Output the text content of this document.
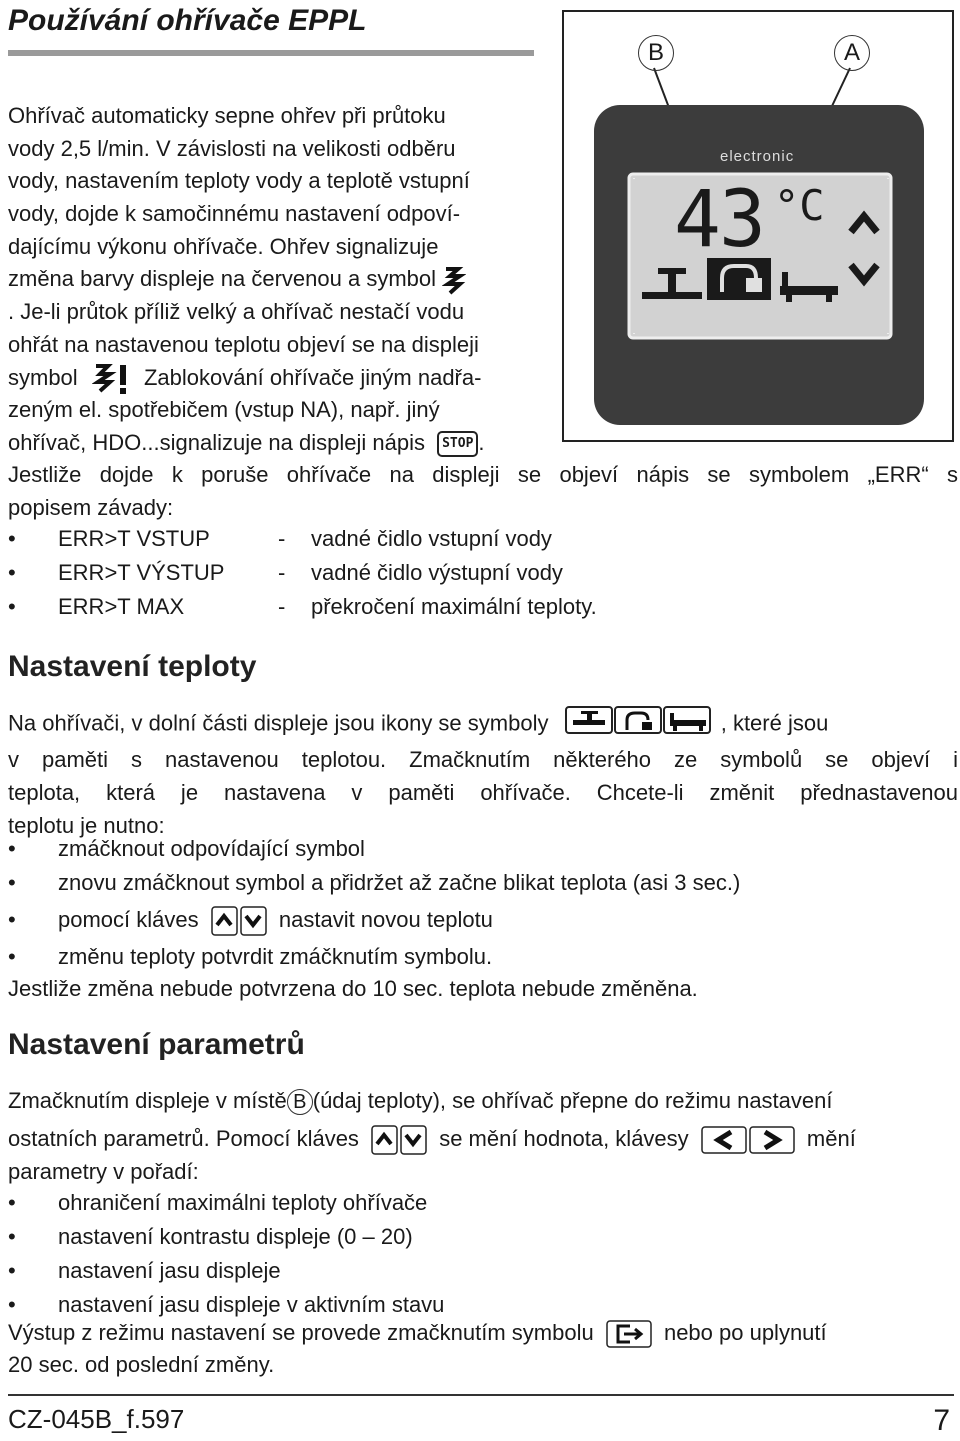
Používání ohřívače EPPL
B	A
electronic
43 °C
Ohřívač automaticky sepne ohřev při průtoku
vody 2,5 l/min. V závislosti na velikosti odběru
vody, nastavením teploty vody a teplotě vstupní
vody, dojde k samočinnému nastavení odpoví-
dajícímu výkonu ohřívače. Ohřev signalizuje
změna barvy displeje na červenou a symbol
. Je-li průtok příliž velký a ohřívač nestačí vodu
ohřát na nastavenou teplotu objeví se na displeji
symbol	Zablokování ohřívače jiným nadřa-
zeným el. spotřebičem (vstup NA), např. jiný
ohřívač, HDO...signalizuje na displeji nápis STOP .
Jestliže dojde k poruše ohřívače na displeji se objeví nápis se symbolem „ERR“ s
popisem závady:
• ERR>T VSTUP	- vadné čidlo vstupní vody
• ERR>T VÝSTUP - vadné čidlo výstupní vody
• ERR>T MAX	- překročení maximální teploty.
Nastavení teploty
Na ohřívači, v dolní části displeje jsou ikony se symboly	, které jsou
v paměti s nastavenou teplotou. Zmačknutím některého ze symbolů se objeví i
teplota, která je nastavena v paměti ohřívače. Chcete-li změnit přednastavenou
teplotu je nutno:
• zmáčknout odpovídající symbol
• znovu zmáčknout symbol a přidržet až začne blikat teplota (asi 3 sec.)
• pomocí kláves	nastavit novou teplotu
• změnu teploty potvrdit zmáčknutím symbolu.
Jestliže změna nebude potvrzena do 10 sec. teplota nebude změněna.
Nastavení parametrů
Zmačknutím displeje v místě B (údaj teploty), se ohřívač přepne do režimu nastavení
ostatních parametrů. Pomocí kláves	se mění hodnota, klávesy	mění
parametry v pořadí:
• ohraničení maximálni teploty ohřívače
• nastavení kontrastu displeje (0 – 20)
• nastavení jasu displeje
• nastavení jasu displeje v aktivním stavu
Výstup z režimu nastavení se provede zmačknutím symbolu	nebo po uplynutí
20 sec. od poslední změny.
CZ-045B_f.597	7
